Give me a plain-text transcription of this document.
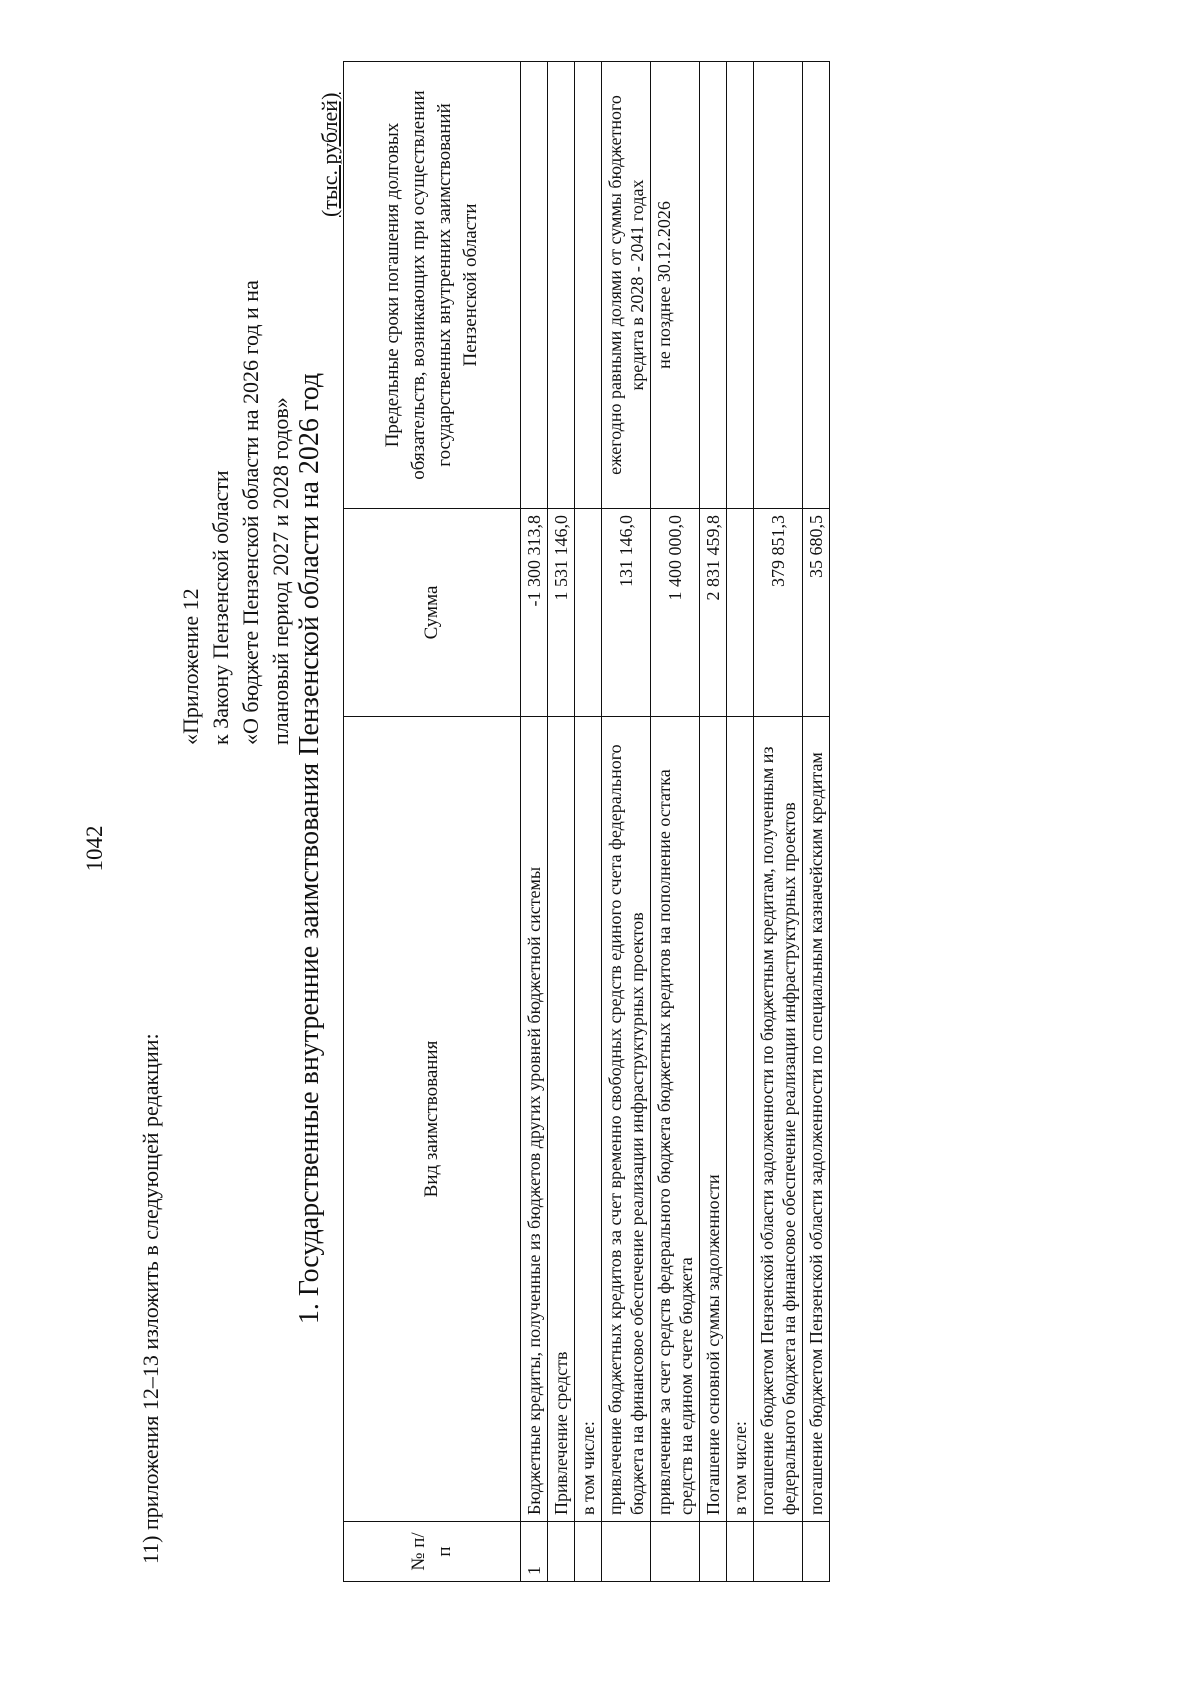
1042
11) приложения 12–13 изложить в следующей редакции:
«Приложение 12 к Закону Пензенской области «О бюджете Пензенской области на 2026 год и на плановый период 2027 и 2028 годов» 1. Государственные внутренние заимствования Пензенской области на 2026 год
(тыс. рублей)
№ п/п	Вид заимствования	Сумма	Предельные сроки погашения долговых обязательств, возникающих при осуществлении государственных внутренних заимствований Пензенской области
1	Бюджетные кредиты, полученные из бюджетов других уровней бюджетной системы	-1 300 313,8	
	Привлечение средств	1 531 146,0	
	в том числе:		
	привлечение бюджетных кредитов за счет временно свободных средств единого счета федерального бюджета на финансовое обеспечение реализации инфраструктурных проектов	131 146,0	ежегодно равными долями от суммы бюджетного кредита в 2028 - 2041 годах
	привлечение за счет средств федерального бюджета бюджетных кредитов на пополнение остатка средств на едином счете бюджета	1 400 000,0	не позднее 30.12.2026
	Погашение основной суммы задолженности	2 831 459,8	
	в том числе:		
	погашение бюджетом Пензенской области задолженности по бюджетным кредитам, полученным из федерального бюджета на финансовое обеспечение реализации инфраструктурных проектов	379 851,3	
	погашение бюджетом Пензенской области задолженности по специальным казначейским кредитам	35 680,5	
